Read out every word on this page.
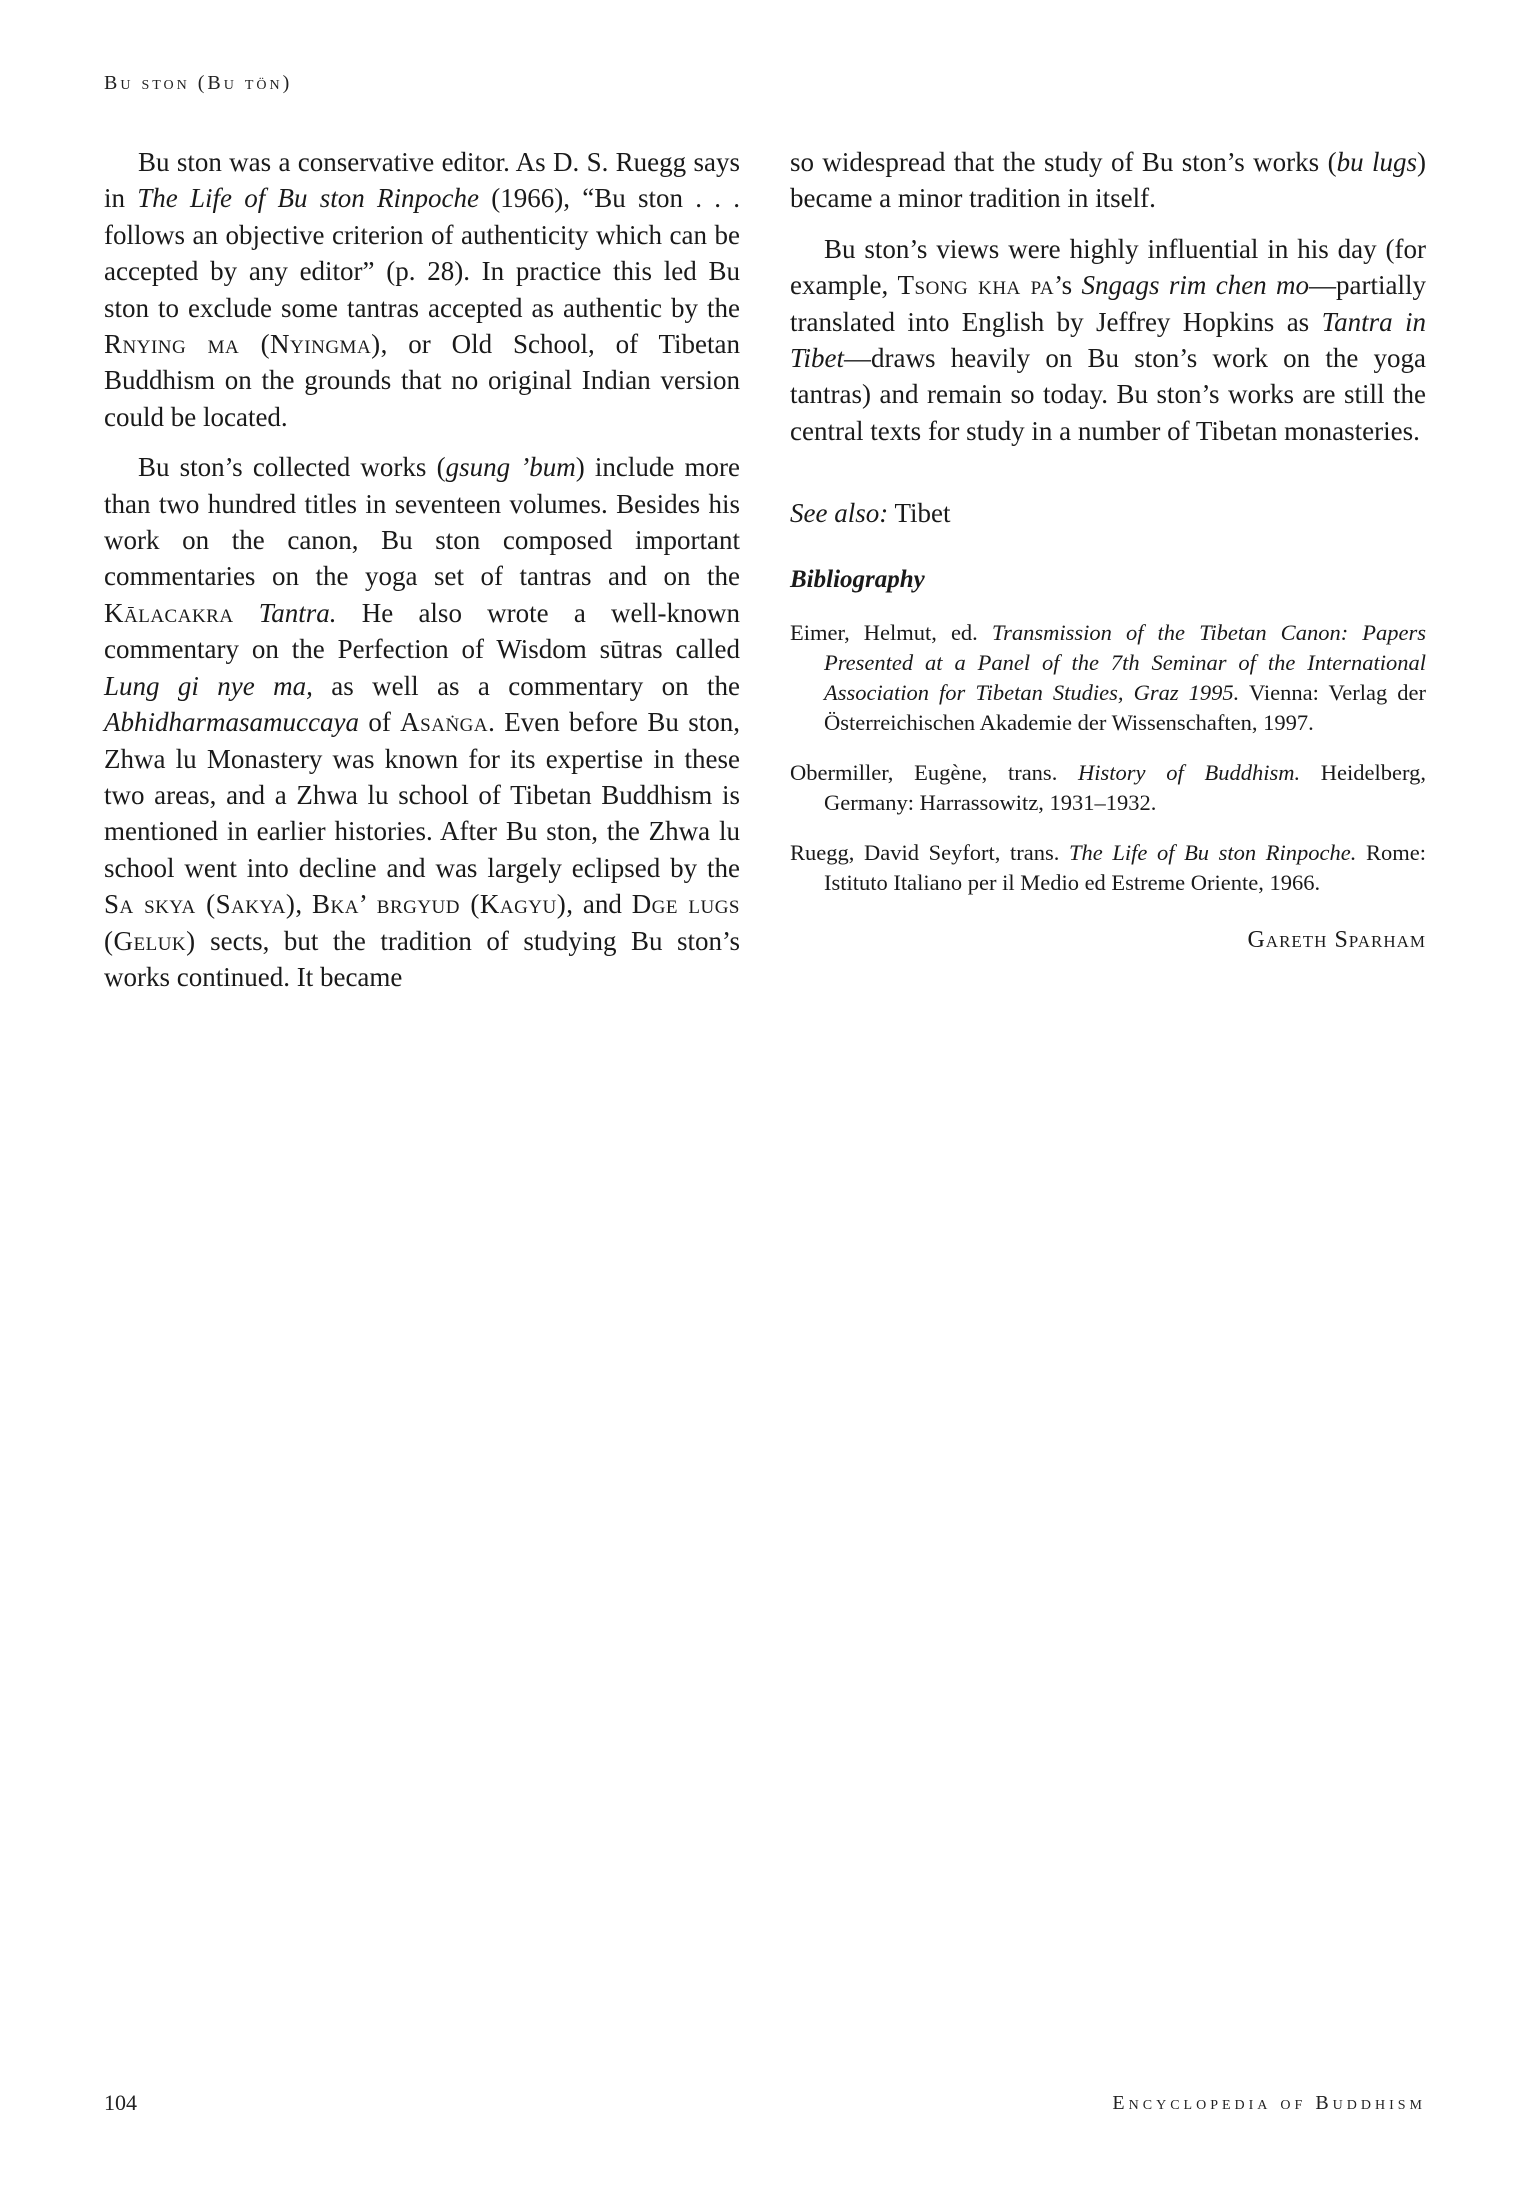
Bu ston (Bu tön)

Bu ston was a conservative editor. As D. S. Ruegg says in The Life of Bu ston Rinpoche (1966), “Bu ston . . . follows an objective criterion of authenticity which can be accepted by any editor” (p. 28). In practice this led Bu ston to exclude some tantras accepted as authentic by the Rnying ma (Nyingma), or Old School, of Tibetan Buddhism on the grounds that no original Indian version could be located.

Bu ston’s collected works (gsung ’bum) include more than two hundred titles in seventeen volumes. Besides his work on the canon, Bu ston composed important commentaries on the yoga set of tantras and on the Kālacakra Tantra. He also wrote a well-known commentary on the Perfection of Wisdom sūtras called Lung gi nye ma, as well as a commentary on the Abhidharmasamuccaya of Asaṅga. Even before Bu ston, Zhwa lu Monastery was known for its expertise in these two areas, and a Zhwa lu school of Tibetan Buddhism is mentioned in earlier histories. After Bu ston, the Zhwa lu school went into decline and was largely eclipsed by the Sa skya (Sakya), Bka’ brgyud (Kagyu), and Dge lugs (Geluk) sects, but the tradition of studying Bu ston’s works continued. It became

so widespread that the study of Bu ston’s works (bu lugs) became a minor tradition in itself.

Bu ston’s views were highly influential in his day (for example, Tsong kha pa’s Sngags rim chen mo—partially translated into English by Jeffrey Hopkins as Tantra in Tibet—draws heavily on Bu ston’s work on the yoga tantras) and remain so today. Bu ston’s works are still the central texts for study in a number of Tibetan monasteries.

See also: Tibet
Bibliography
Eimer, Helmut, ed. Transmission of the Tibetan Canon: Papers Presented at a Panel of the 7th Seminar of the International Association for Tibetan Studies, Graz 1995. Vienna: Verlag der Österreichischen Akademie der Wissenschaften, 1997.
Obermiller, Eugène, trans. History of Buddhism. Heidelberg, Germany: Harrassowitz, 1931–1932.
Ruegg, David Seyfort, trans. The Life of Bu ston Rinpoche. Rome: Istituto Italiano per il Medio ed Estreme Oriente, 1966.
Gareth Sparham
104	Encyclopedia of Buddhism
